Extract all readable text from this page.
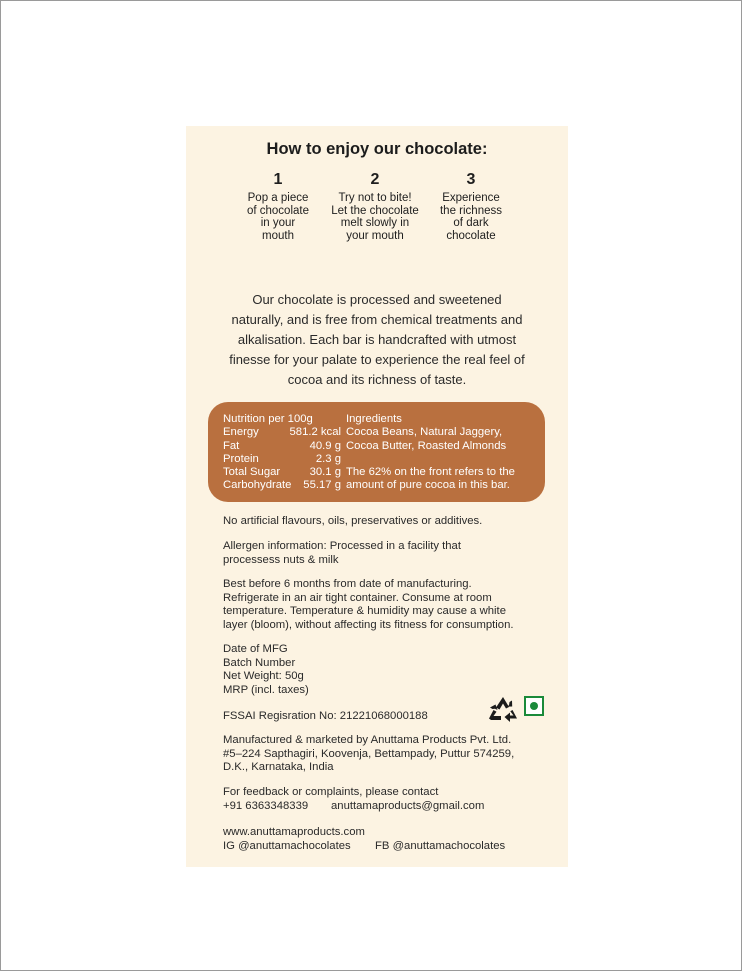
How to enjoy our chocolate:
1
Pop a piece
of chocolate
in your
mouth
2
Try not to bite!
Let the chocolate
melt slowly in
your mouth
3
Experience
the richness
of dark
chocolate
Our chocolate is processed and sweetened
naturally, and is free from chemical treatments and
alkalisation. Each bar is handcrafted with utmost
finesse for your palate to experience the real feel of
cocoa and its richness of taste.
Nutrition per 100g
Energy	581.2 kcal
Fat	40.9 g
Protein	2.3 g
Total Sugar	30.1 g
Carbohydrate 55.17 g
Ingredients
Cocoa Beans, Natural Jaggery,
Cocoa Butter, Roasted Almonds
The 62% on the front refers to the
amount of pure cocoa in this bar.
No artificial flavours, oils, preservatives or additives.
Allergen information: Processed in a facility that
processess nuts & milk
Best before 6 months from date of manufacturing.
Refrigerate in an air tight container. Consume at room
temperature. Temperature & humidity may cause a white
layer (bloom), without affecting its fitness for consumption.
Date of MFG
Batch Number
Net Weight: 50g
MRP (incl. taxes)
FSSAI Regisration No: 21221068000188
Manufactured & marketed by Anuttama Products Pvt. Ltd.
#5–224 Sapthagiri, Koovenja, Bettampady, Puttur 574259,
D.K., Karnataka, India
For feedback or complaints, please contact
+91 6363348339	anuttamaproducts@gmail.com
www.anuttamaproducts.com
IG @anuttamachocolates	FB @anuttamachocolates
